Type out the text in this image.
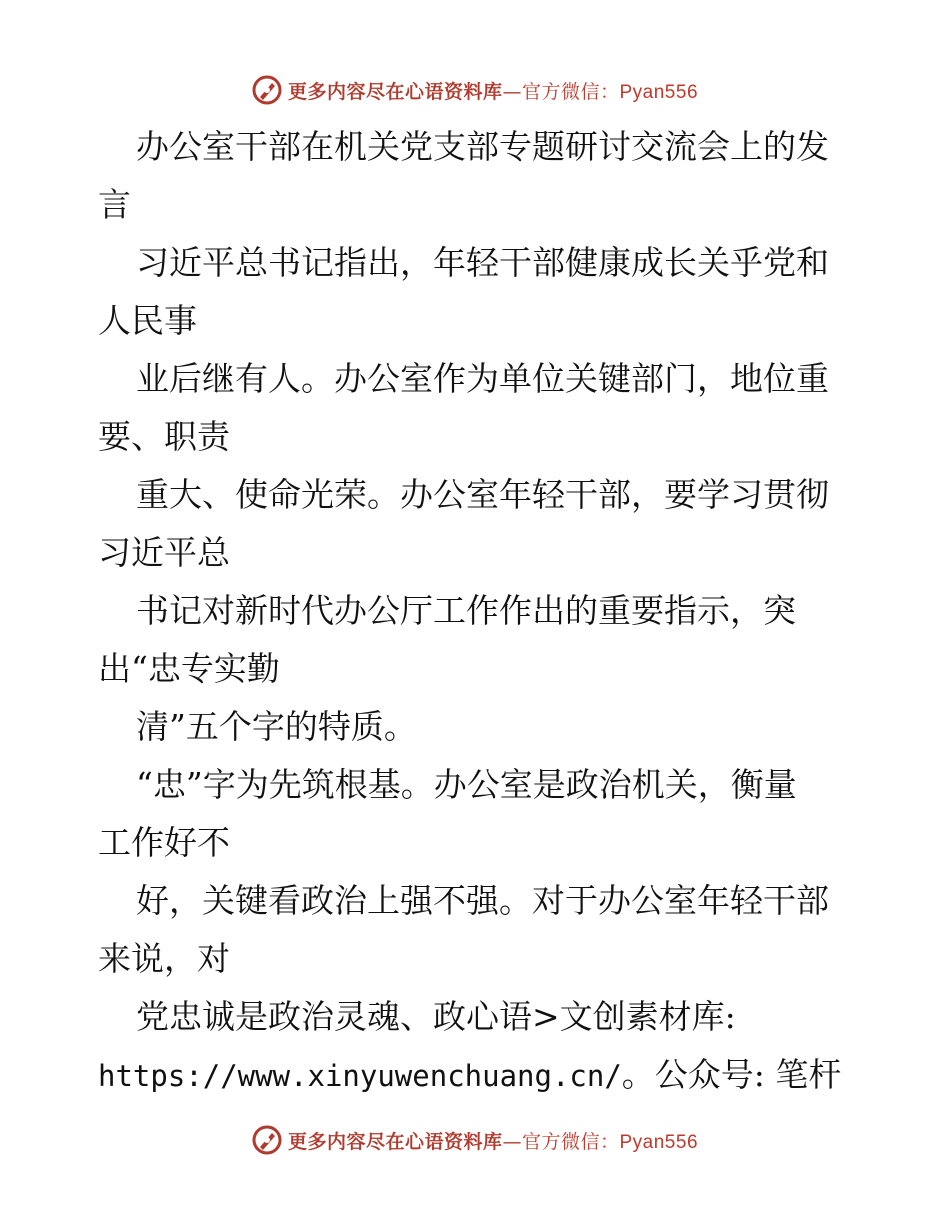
更多内容尽在心语资料库—官方微信：Pyan556
办公室干部在机关党支部专题研讨交流会上的发
言
习近平总书记指出，年轻干部健康成长关乎党和
人民事
业后继有人。办公室作为单位关键部门，地位重
要、职责
重大、使命光荣。办公室年轻干部，要学习贯彻
习近平总
书记对新时代办公厅工作作出的重要指示，突
出“忠专实勤
清”五个字的特质。
“忠”字为先筑根基。办公室是政治机关，衡量
工作好不
好，关键看政治上强不强。对于办公室年轻干部
来说，对
党忠诚是政治灵魂、政心语>文创素材库:
https://www.xinyuwenchuang.cn/。公众号: 笔杆
更多内容尽在心语资料库—官方微信：Pyan556
